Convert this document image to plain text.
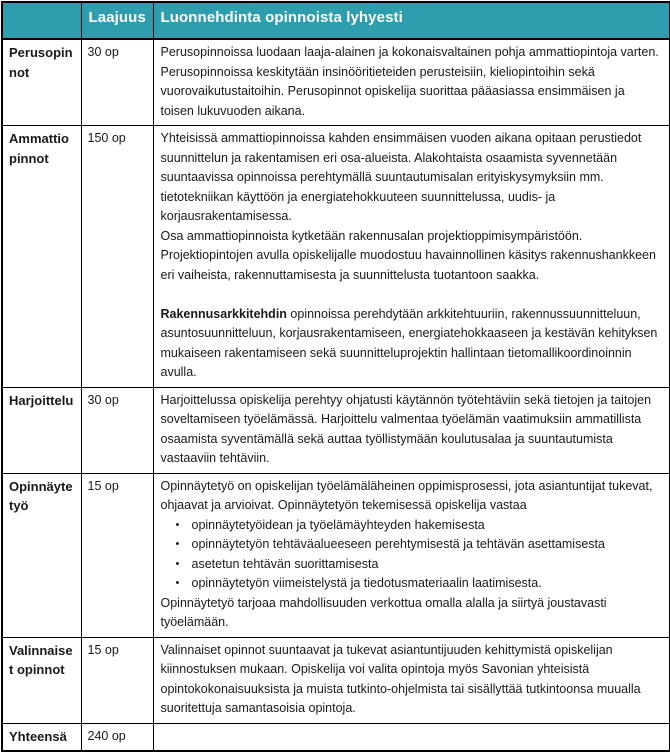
	Laajuus	Luonnehdinta opinnoista lyhyesti
Perusopinnot	30 op	Perusopinnoissa luodaan laaja-alainen ja kokonaisvaltainen pohja ammattiopintoja varten. Perusopinnoissa keskitytään insinööritieteiden perusteisiin, kieliopintoihin sekä vuorovaikutustaitoihin. Perusopinnot opiskelija suorittaa pääasiassa ensimmäisen ja toisen lukuvuoden aikana.

Ammattiopinnot	150 op	Yhteisissä ammattiopinnoissa kahden ensimmäisen vuoden aikana opitaan perustiedot suunnittelun ja rakentamisen eri osa-alueista. Alakohtaista osaamista syvennetään suuntaavissa opinnoissa perehtymällä suuntautumisalan erityiskysymyksiin mm. tietotekniikan käyttöön ja energiatehokkuuteen suunnittelussa, uudis- ja korjausrakentamisessa.

Osa ammattiopinnoista kytketään rakennusalan projektioppimisympäristöön. Projektiopintojen avulla opiskelijalle muodostuu havainnollinen käsitys rakennushankkeen eri vaiheista, rakennuttamisesta ja suunnittelusta tuotantoon saakka.

Rakennusarkkitehdin opinnoissa perehdytään arkkitehtuuriin, rakennussuunnitteluun, asuntosuunnitteluun, korjausrakentamiseen, energiatehokkaaseen ja kestävän kehityksen mukaiseen rakentamiseen sekä suunnitteluprojektin hallintaan tietomallikoordinoinnin avulla.

Harjoittelu	30 op	Harjoittelussa opiskelija perehtyy ohjatusti käytännön työtehtäviin sekä tietojen ja taitojen soveltamiseen työelämässä. Harjoittelu valmentaa työelämän vaatimuksiin ammatillista osaamista syventämällä sekä auttaa työllistymään koulutusalaa ja suuntautumista vastaaviin tehtäviin.

Opinnäytetyö	15 op	Opinnäytetyö on opiskelijan työelämäläheinen oppimisprosessi, jota asiantuntijat tukevat, ohjaavat ja arvioivat. Opinnäytetyön tekemisessä opiskelija vastaa

• opinnäytetyöidean ja työelämäyhteyden hakemisesta
• opinnäytetyön tehtäväalueeseen perehtymisestä ja tehtävän asettamisesta
• asetetun tehtävän suorittamisesta
• opinnäytetyön viimeistelystä ja tiedotusmateriaalin laatimisesta.

Opinnäytetyö tarjoaa mahdollisuuden verkottua omalla alalla ja siirtyä joustavasti työelämään.

Valinnaiset opinnot	15 op	Valinnaiset opinnot suuntaavat ja tukevat asiantuntijuuden kehittymistä opiskelijan kiinnostuksen mukaan. Opiskelija voi valita opintoja myös Savonian yhteisistä opintokokonaisuuksista ja muista tutkinto-ohjelmista tai sisällyttää tutkintoonsa muualla suoritettuja samantasoisia opintoja.

Yhteensä	240 op	
